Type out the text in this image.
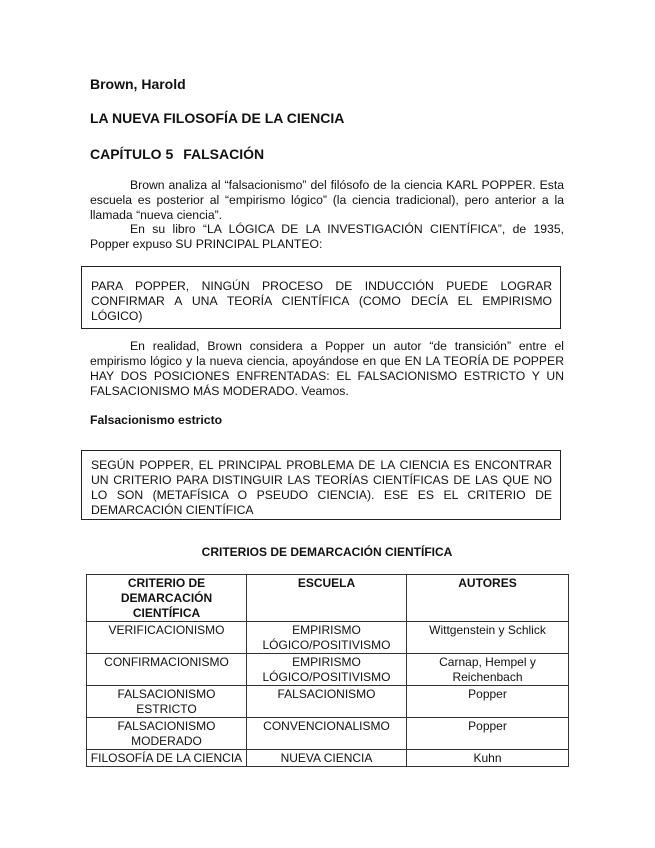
Brown, Harold
LA NUEVA FILOSOFÍA DE LA CIENCIA
CAPÍTULO 5 FALSACIÓN
Brown analiza al “falsacionismo” del filósofo de la ciencia KARL POPPER. Esta escuela es posterior al “empirismo lógico” (la ciencia tradicional), pero anterior a la llamada “nueva ciencia”.
En su libro “LA LÓGICA DE LA INVESTIGACIÓN CIENTÍFICA”, de 1935, Popper expuso SU PRINCIPAL PLANTEO:
PARA POPPER, NINGÚN PROCESO DE INDUCCIÓN PUEDE LOGRAR CONFIRMAR A UNA TEORÍA CIENTÍFICA (COMO DECÍA EL EMPIRISMO LÓGICO)
En realidad, Brown considera a Popper un autor “de transición” entre el empirismo lógico y la nueva ciencia, apoyándose en que EN LA TEORÍA DE POPPER HAY DOS POSICIONES ENFRENTADAS: EL FALSACIONISMO ESTRICTO Y UN FALSACIONISMO MÁS MODERADO. Veamos.
Falsacionismo estricto
SEGÚN POPPER, EL PRINCIPAL PROBLEMA DE LA CIENCIA ES ENCONTRAR UN CRITERIO PARA DISTINGUIR LAS TEORÍAS CIENTÍFICAS DE LAS QUE NO LO SON (METAFÍSICA O PSEUDO CIENCIA). ESE ES EL CRITERIO DE DEMARCACIÓN CIENTÍFICA
CRITERIOS DE DEMARCACIÓN CIENTÍFICA
CRITERIO DE DEMARCACIÓN CIENTÍFICA	ESCUELA	AUTORES
VERIFICACIONISMO	EMPIRISMO LÓGICO/POSITIVISMO	Wittgenstein y Schlick
CONFIRMACIONISMO	EMPIRISMO LÓGICO/POSITIVISMO	Carnap, Hempel y Reichenbach
FALSACIONISMO ESTRICTO	FALSACIONISMO	Popper
FALSACIONISMO MODERADO	CONVENCIONALISMO	Popper
FILOSOFÍA DE LA CIENCIA	NUEVA CIENCIA	Kuhn
